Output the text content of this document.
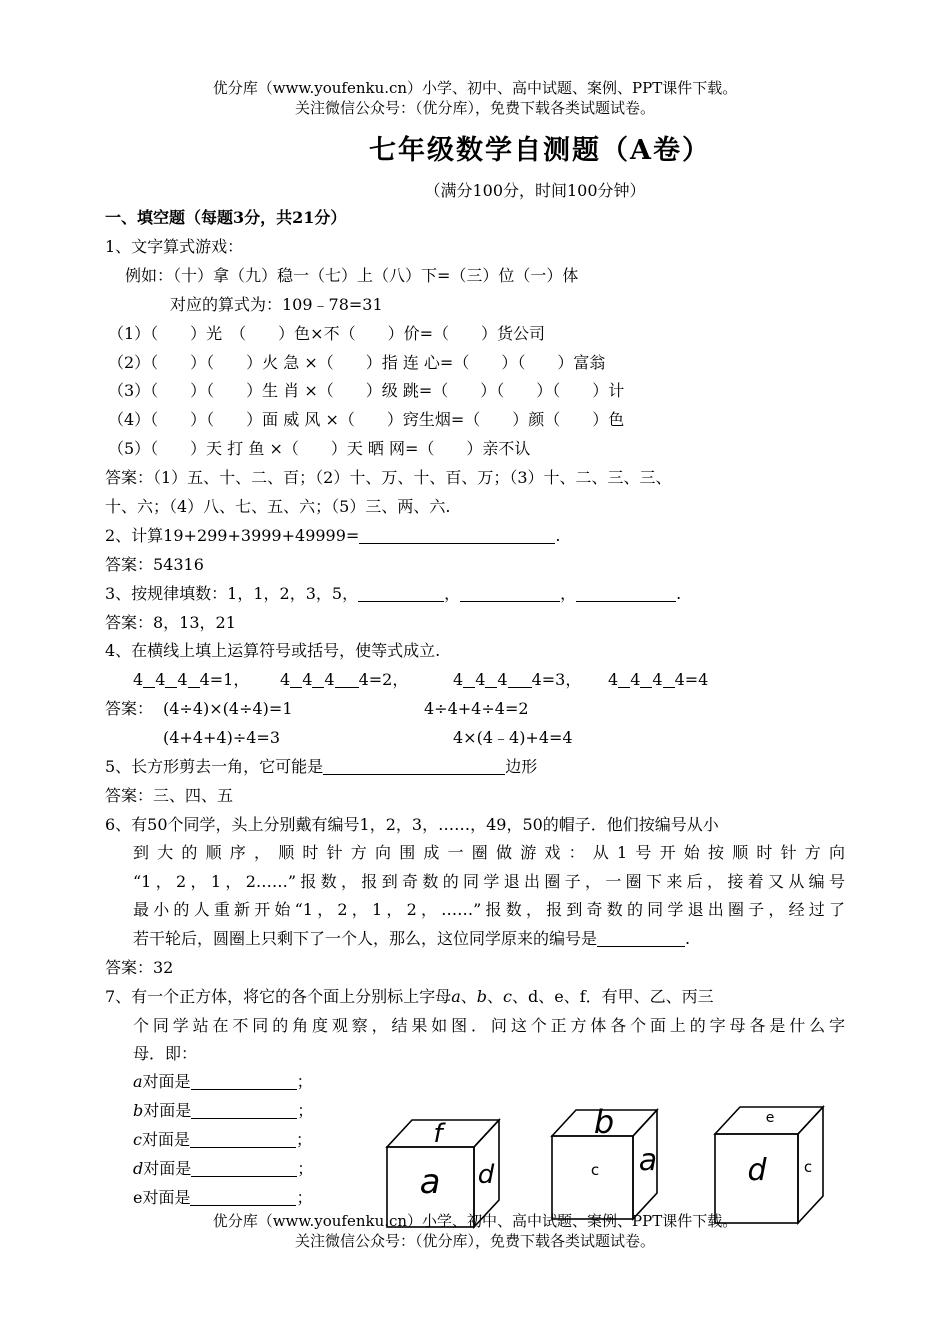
优分库（www.youfenku.cn）小学、初中、高中试题、案例、PPT课件下载。
关注微信公众号：（优分库），免费下载各类试题试卷。
七年级数学自测题（A卷）
（满分100分，时间100分钟）
一、填空题（每题3分，共21分）
1、文字算式游戏：
例如：（十）拿（九）稳一（七）上（八）下=（三）位（一）体
对应的算式为：109﹣78=31
（1）（　　）光　（　　）色×不（　　）价=（　　）货公司
（2）（　　）（　　）火 急 ×（　　）指 连 心=（　　）（　　）富翁
（3）（　　）（　　）生 肖 ×（　　）级 跳=（　　）（　　）（　　）计
（4）（　　）（　　）面 威 风 ×（　　）窍生烟=（　　）颜（　　）色
（5）（　　）天 打 鱼 ×（　　）天 晒 网=（　　）亲不认
答案：（1）五、十、二、百；（2）十、万、十、百、万；（3）十、二、三、三、
十、六；（4）八、七、五、六；（5）三、两、六.
2、计算19+299+3999+49999=	.
答案：54316
3、按规律填数：1，1，2，3，5，	，	，	.
答案：8，13，21
4、在横线上填上运算符号或括号，使等式成立.
4 4 4 4=1， 4 4 4 4=2，	4 4 4 4=3， 4 4 4 4=4
答案： (4÷4)×(4÷4)=1	4÷4+4÷4=2
(4+4+4)÷4=3	4×(4﹣4)+4=4
5、长方形剪去一角，它可能是	边形
答案：三、四、五
6、有50个同学，头上分别戴有编号1，2，3，……，49，50的帽子．他们按编号从小
到大的顺序，顺时针方向围成一圈做游戏：从1号开始按顺时针方向
“1，2，1，2……”报数，报到奇数的同学退出圈子，一圈下来后，接着又从编号
最小的人重新开始“1，2，1，2，……”报数，报到奇数的同学退出圈子，经过了
若干轮后，圆圈上只剩下了一个人，那么，这位同学原来的编号是	.
答案：32
7、有一个正方体，将它的各个面上分别标上字母a、b、c、d、e、f．有甲、乙、丙三
个同学站在不同的角度观察，结果如图．问这个正方体各个面上的字母各是什么字
母．即：
a对面是	；
b对面是	；
c对面是	；
d对面是	；
e对面是	；
f
a d
b
c a
e
d c
优分库（www.youfenku.cn）小学、初中、高中试题、案例、PPT课件下载。
关注微信公众号：（优分库），免费下载各类试题试卷。
